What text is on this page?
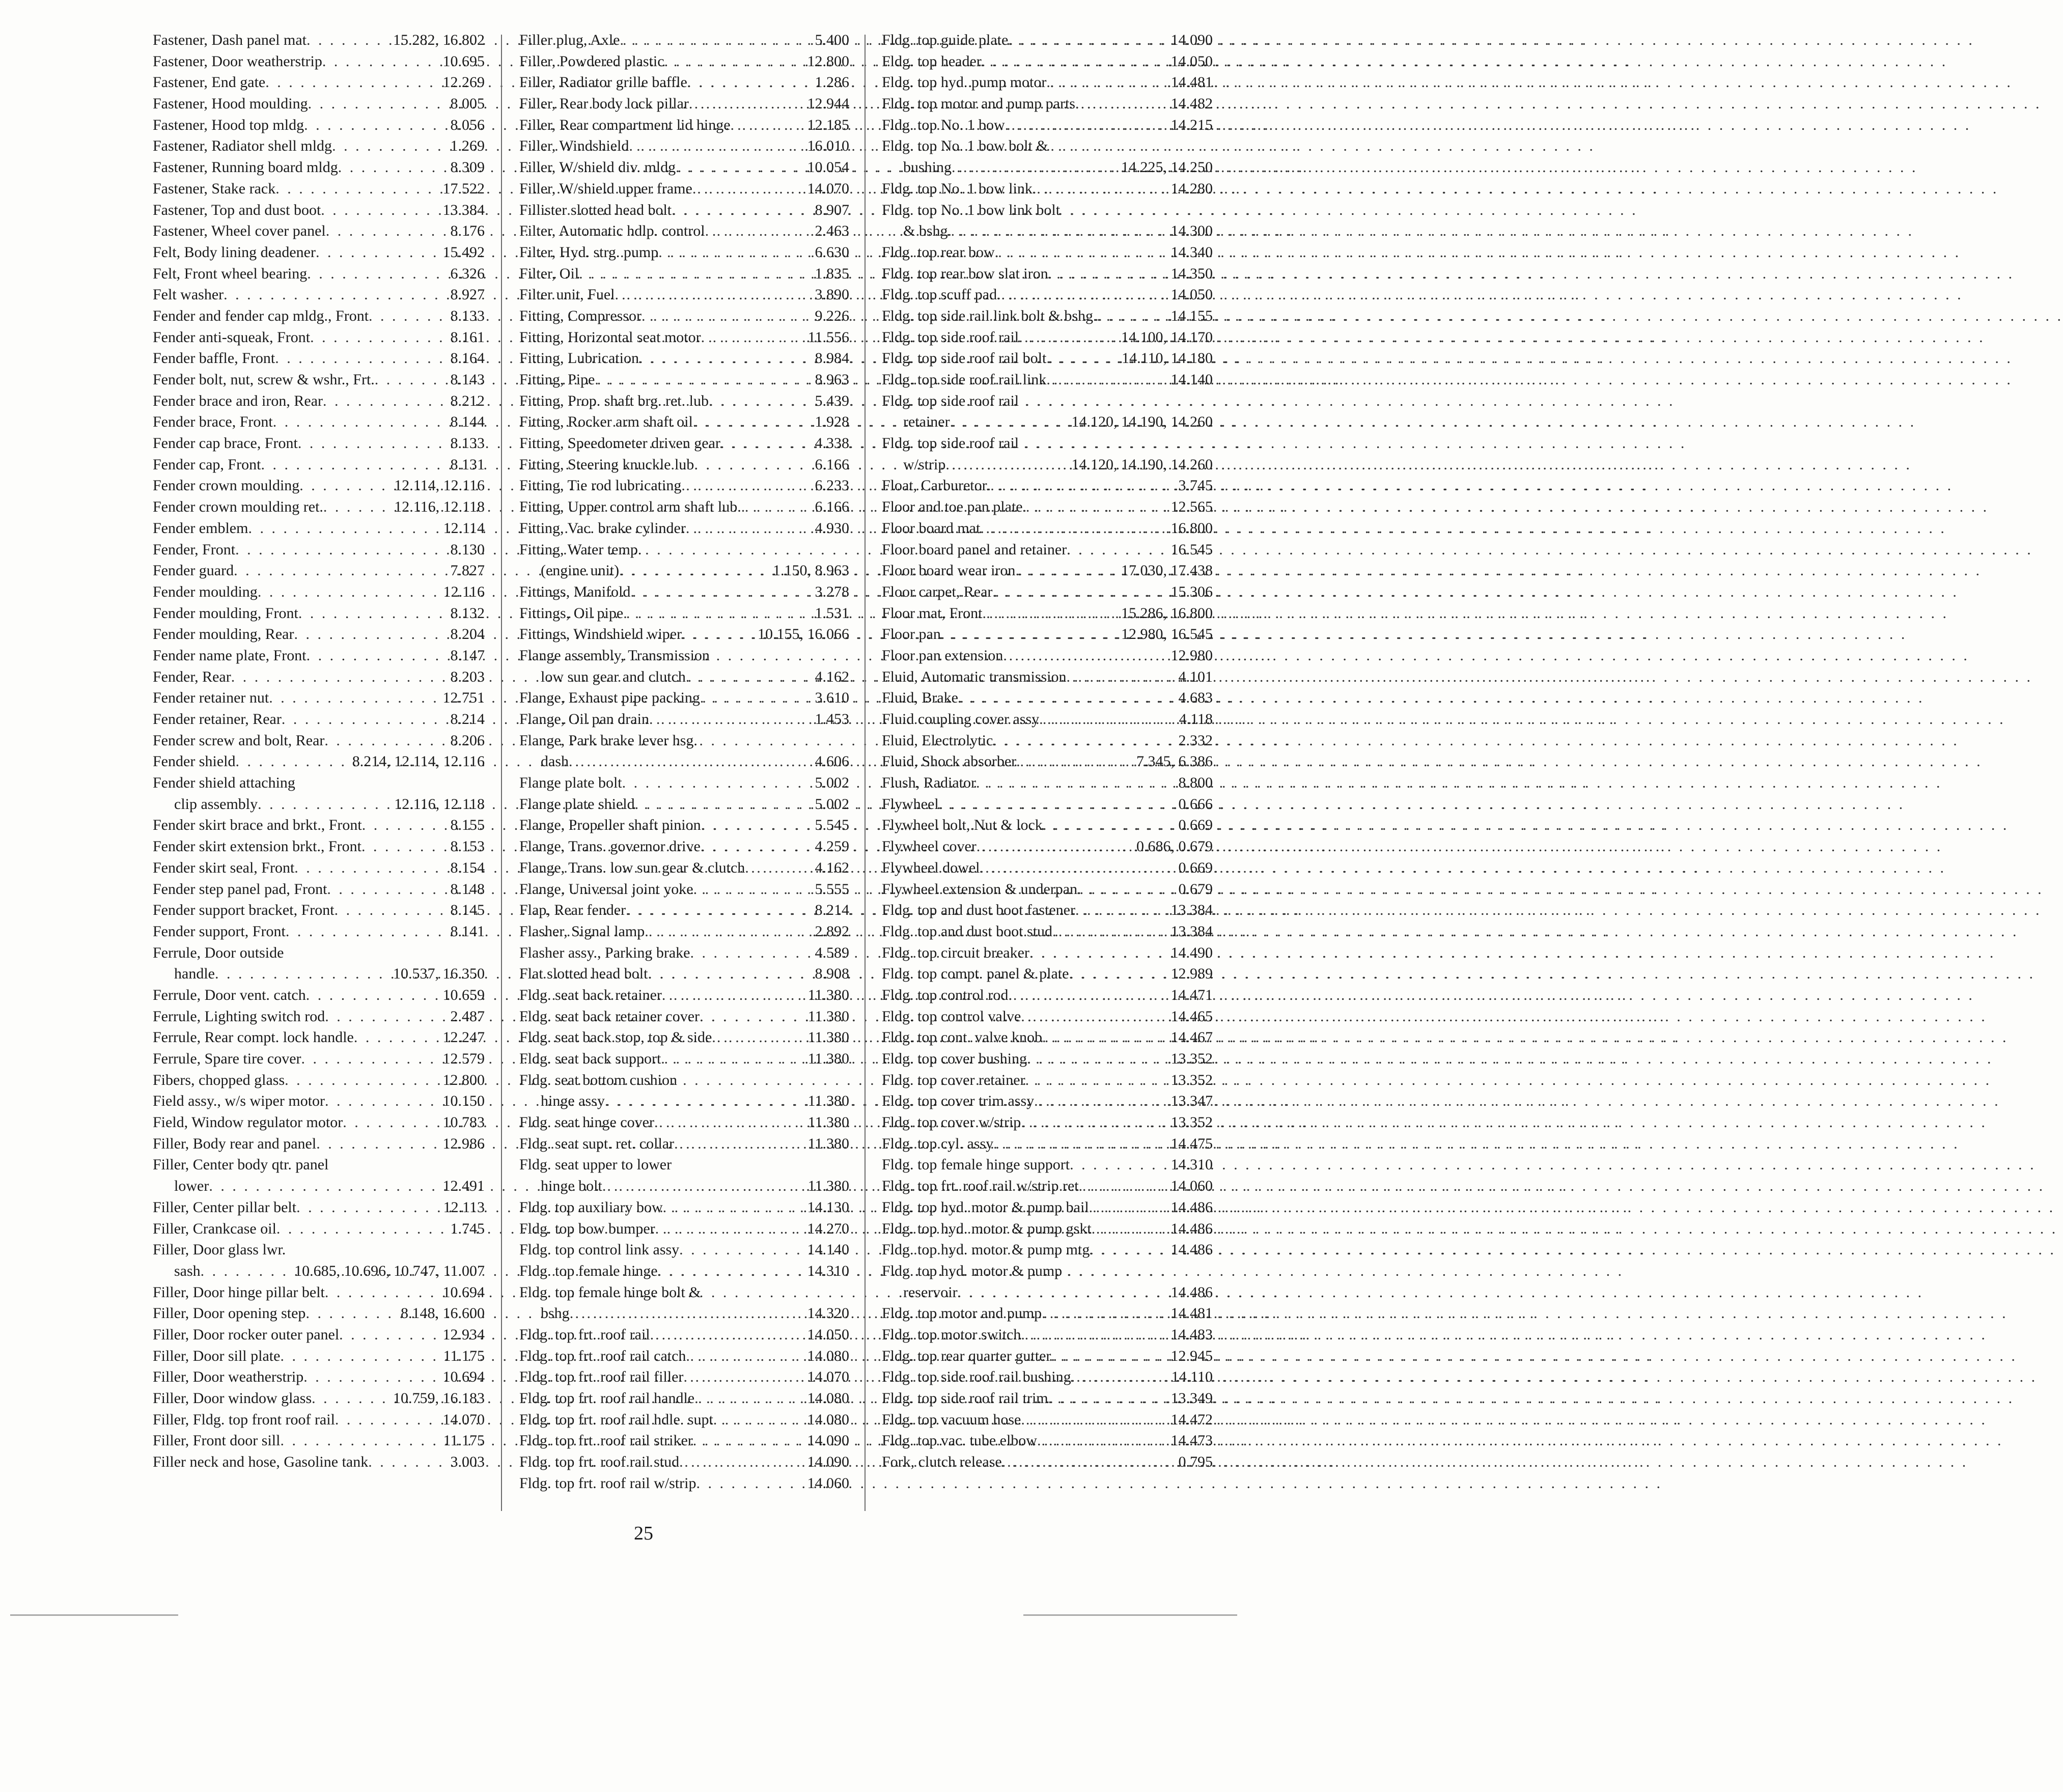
Fastener, Dash panel mat . . .	15.282, 16.802
Fastener, Door weatherstrip . . .	10.695
Fastener, End gate . . .	12.269
Fastener, Hood moulding . . .	8.005
Fastener, Hood top mldg . . .	8.056
Fastener, Radiator shell mldg . . .	1.269
Fastener, Running board mldg . . .	8.309
Fastener, Stake rack . . .	17.522
Fastener, Top and dust boot . . .	13.384
Fastener, Wheel cover panel . . .	8.176
Felt, Body lining deadener . . .	15.492
Felt, Front wheel bearing . . .	6.326
Felt washer . . .	8.927
Fender and fender cap mldg., Front . . .	8.133
Fender anti-squeak, Front . . .	8.161
Fender baffle, Front . . .	8.164
Fender bolt, nut, screw & wshr., Frt. . . .	8.143
Fender brace and iron, Rear . . .	8.212
Fender brace, Front . . .	8.144
Fender cap brace, Front . . .	8.133
Fender cap, Front . . .	8.131
Fender crown moulding . . .	12.114, 12.116
Fender crown moulding ret. . . .	12.116, 12.118
Fender emblem . . .	12.114
Fender, Front . . .	8.130
Fender guard . . .	7.827
Fender moulding . . .	12.116
Fender moulding, Front . . .	8.132
Fender moulding, Rear . . .	8.204
Fender name plate, Front . . .	8.147
Fender, Rear . . .	8.203
Fender retainer nut . . .	12.751
Fender retainer, Rear . . .	8.214
Fender screw and bolt, Rear . . .	8.206
Fender shield . . .	8.214, 12.114, 12.116
Fender shield attaching
clip assembly . . .	12.116, 12.118
Fender skirt brace and brkt., Front . . .	8.155
Fender skirt extension brkt., Front . . .	8.153
Fender skirt seal, Front . . .	8.154
Fender step panel pad, Front . . .	8.148
Fender support bracket, Front . . .	8.145
Fender support, Front . . .	8.141
Ferrule, Door outside
handle . . .	10.537, 16.350
Ferrule, Door vent. catch . . .	10.659
Ferrule, Lighting switch rod . . .	2.487
Ferrule, Rear compt. lock handle . . .	12.247
Ferrule, Spare tire cover . . .	12.579
Fibers, chopped glass . . .	12.800
Field assy., w/s wiper motor . . .	10.150
Field, Window regulator motor . . .	10.783
Filler, Body rear and panel . . .	12.986
Filler, Center body qtr. panel
lower . . .	12.491
Filler, Center pillar belt . . .	12.113
Filler, Crankcase oil . . .	1.745
Filler, Door glass lwr.
sash . . .	10.685, 10.696, 10.747, 11.007
Filler, Door hinge pillar belt . . .	10.694
Filler, Door opening step . . .	8.148, 16.600
Filler, Door rocker outer panel . . .	12.934
Filler, Door sill plate . . .	11.175
Filler, Door weatherstrip . . .	10.694
Filler, Door window glass . . .	10.759, 16.183
Filler, Fldg. top front roof rail . . .	14.070
Filler, Front door sill . . .	11.175
Filler neck and hose, Gasoline tank . . .	3.003
Filler plug, Axle . . .	5.400
Filler, Powdered plastic . . .	12.800
Filler, Radiator grille baffle . . .	1.286
Filler, Rear body lock pillar . . .	12.944
Filler, Rear compartment lid hinge . . .	12.185
Filler, Windshield . . .	16.010
Filler, W/shield div. mldg . . .	10.054
Filler, W/shield upper frame . . .	14.070
Fillister slotted head bolt . . .	8.907
Filter, Automatic hdlp. control . . .	2.463
Filter, Hyd. strg. pump . . .	6.630
Filter, Oil . . .	1.835
Filter unit, Fuel . . .	3.890
Fitting, Compressor . . .	9.226
Fitting, Horizontal seat motor . . .	11.556
Fitting, Lubrication . . .	8.984
Fitting, Pipe . . .	8.963
Fitting, Prop. shaft brg. ret. lub . . .	5.439
Fitting, Rocker arm shaft oil . . .	1.928
Fitting, Speedometer driven gear . . .	4.338
Fitting, Steering knuckle lub . . .	6.166
Fitting, Tie rod lubricating . . .	6.233
Fitting, Upper control arm shaft lub. . . .	6.166
Fitting, Vac. brake cylinder . . .	4.930
Fitting, Water temp.
(engine unit) . . .	1.150, 8.963
Fittings, Manifold . . .	3.278
Fittings, Oil pipe . . .	1.531
Fittings, Windshield wiper . . .	10.155, 16.066
Flange assembly, Transmission
low sun gear and clutch . . .	4.162
Flange, Exhaust pipe packing . . .	3.610
Flange, Oil pan drain . . .	1.453
Flange, Park brake lever hsg.
dash . . .	4.606
Flange plate bolt . . .	5.002
Flange plate shield . . .	5.002
Flange, Propeller shaft pinion . . .	5.545
Flange, Trans. governor drive . . .	4.259
Flange, Trans. low sun gear & clutch . . .	4.162
Flange, Universal joint yoke . . .	5.555
Flap, Rear fender . . .	8.214
Flasher, Signal lamp . . .	2.892
Flasher assy., Parking brake . . .	4.589
Flat slotted head bolt . . .	8.908
Fldg. seat back retainer . . .	11.380
Fldg. seat back retainer cover . . .	11.380
Fldg. seat back stop, top & side . . .	11.380
Fldg. seat back support . . .	11.380
Fldg. seat bottom cushion
hinge assy . . .	11.380
Fldg. seat hinge cover . . .	11.380
Fldg. seat supt. ret. collar . . .	11.380
Fldg. seat upper to lower
hinge bolt . . .	11.380
Fldg. top auxiliary bow . . .	14.130
Fldg. top bow bumper . . .	14.270
Fldg. top control link assy . . .	14.140
Fldg. top female hinge . . .	14.310
Fldg. top female hinge bolt &
bshg . . .	14.320
Fldg. top frt. roof rail . . .	14.050
Fldg. top frt. roof rail catch . . .	14.080
Fldg. top frt. roof rail filler . . .	14.070
Fldg. top frt. roof rail handle . . .	14.080
Fldg. top frt. roof rail hdle. supt . . .	14.080
Fldg. top frt. roof rail striker . . .	14.090
Fldg. top frt. roof rail stud . . .	14.090
Fldg. top frt. roof rail w/strip . . .	14.060
Fldg. top guide plate . . .	14.090
Fldg. top header . . .	14.050
Fldg. top hyd. pump motor . . .	14.481
Fldg. top motor and pump parts . . .	14.482
Fldg. top No. 1 bow . . .	14.215
Fldg. top No. 1 bow bolt &
bushing . . .	14.225, 14.250
Fldg. top No. 1 bow link . . .	14.280
Fldg. top No. 1 bow link bolt
& bshg . . .	14.300
Fldg. top rear bow . . .	14.340
Fldg. top rear bow slat iron . . .	14.350
Fldg. top scuff pad . . .	14.050
Fldg. top side rail link bolt & bshg. . . .	14.155
Fldg. top side roof rail . . .	14.100, 14.170
Fldg. top side roof rail bolt . . .	14.110, 14.180
Fldg. top side roof rail link . . .	14.140
Fldg. top side roof rail
retainer . . .	14.120, 14.190, 14.260
Fldg. top side roof rail
w/strip . . .	14.120, 14.190, 14.260
Float, Carburetor . . .	3.745
Floor and toe pan plate . . .	12.565
Floor board mat . . .	16.800
Floor board panel and retainer . . .	16.545
Floor board wear iron . . .	17.030, 17.438
Floor carpet, Rear . . .	15.306
Floor mat, Front . . .	15.286, 16.800
Floor pan . . .	12.980, 16.545
Floor pan extension . . .	12.980
Fluid, Automatic transmission . . .	4.101
Fluid, Brake . . .	4.683
Fluid coupling cover assy . . .	4.118
Fluid, Electrolytic . . .	2.332
Fluid, Shock absorber . . .	7.345, 6.386
Flush, Radiator . . .	8.800
Flywheel . . .	0.666
Flywheel bolt, Nut & lock . . .	0.669
Flywheel cover . . .	0.686, 0.679
Flywheel dowel . . .	0.669
Flywheel extension & underpan . . .	0.679
Fldg. top and dust boot fastener . . .	13.384
Fldg. top and dust boot stud . . .	13.384
Fldg. top circuit breaker . . .	14.490
Fldg. top compt. panel & plate . . .	12.989
Fldg. top control rod . . .	14.471
Fldg. top control valve . . .	14.465
Fldg. top cont. valve knob . . .	14.467
Fldg. top cover bushing . . .	13.352
Fldg. top cover retainer . . .	13.352
Fldg. top cover trim assy . . .	13.347
Fldg. top cover w/strip . . .	13.352
Fldg. top cyl. assy . . .	14.475
Fldg. top female hinge support . . .	14.310
Fldg. top frt. roof rail w/strip ret . . .	14.060
Fldg. top hyd. motor & pump bail . . .	14.486
Fldg. top hyd. motor & pump gskt . . .	14.486
Fldg. top hyd. motor & pump mtg . . .	14.486
Fldg. top hyd. motor & pump
reservoir . . .	14.486
Fldg. top motor and pump . . .	14.481
Fldg. top motor switch . . .	14.483
Fldg. top rear quarter gutter . . .	12.945
Fldg. top side roof rail bushing . . .	14.110
Fldg. top side roof rail trim . . .	13.349
Fldg. top vacuum hose . . .	14.472
Fldg. top vac. tube elbow . . .	14.473
Fork, clutch release . . .	0.795
25
